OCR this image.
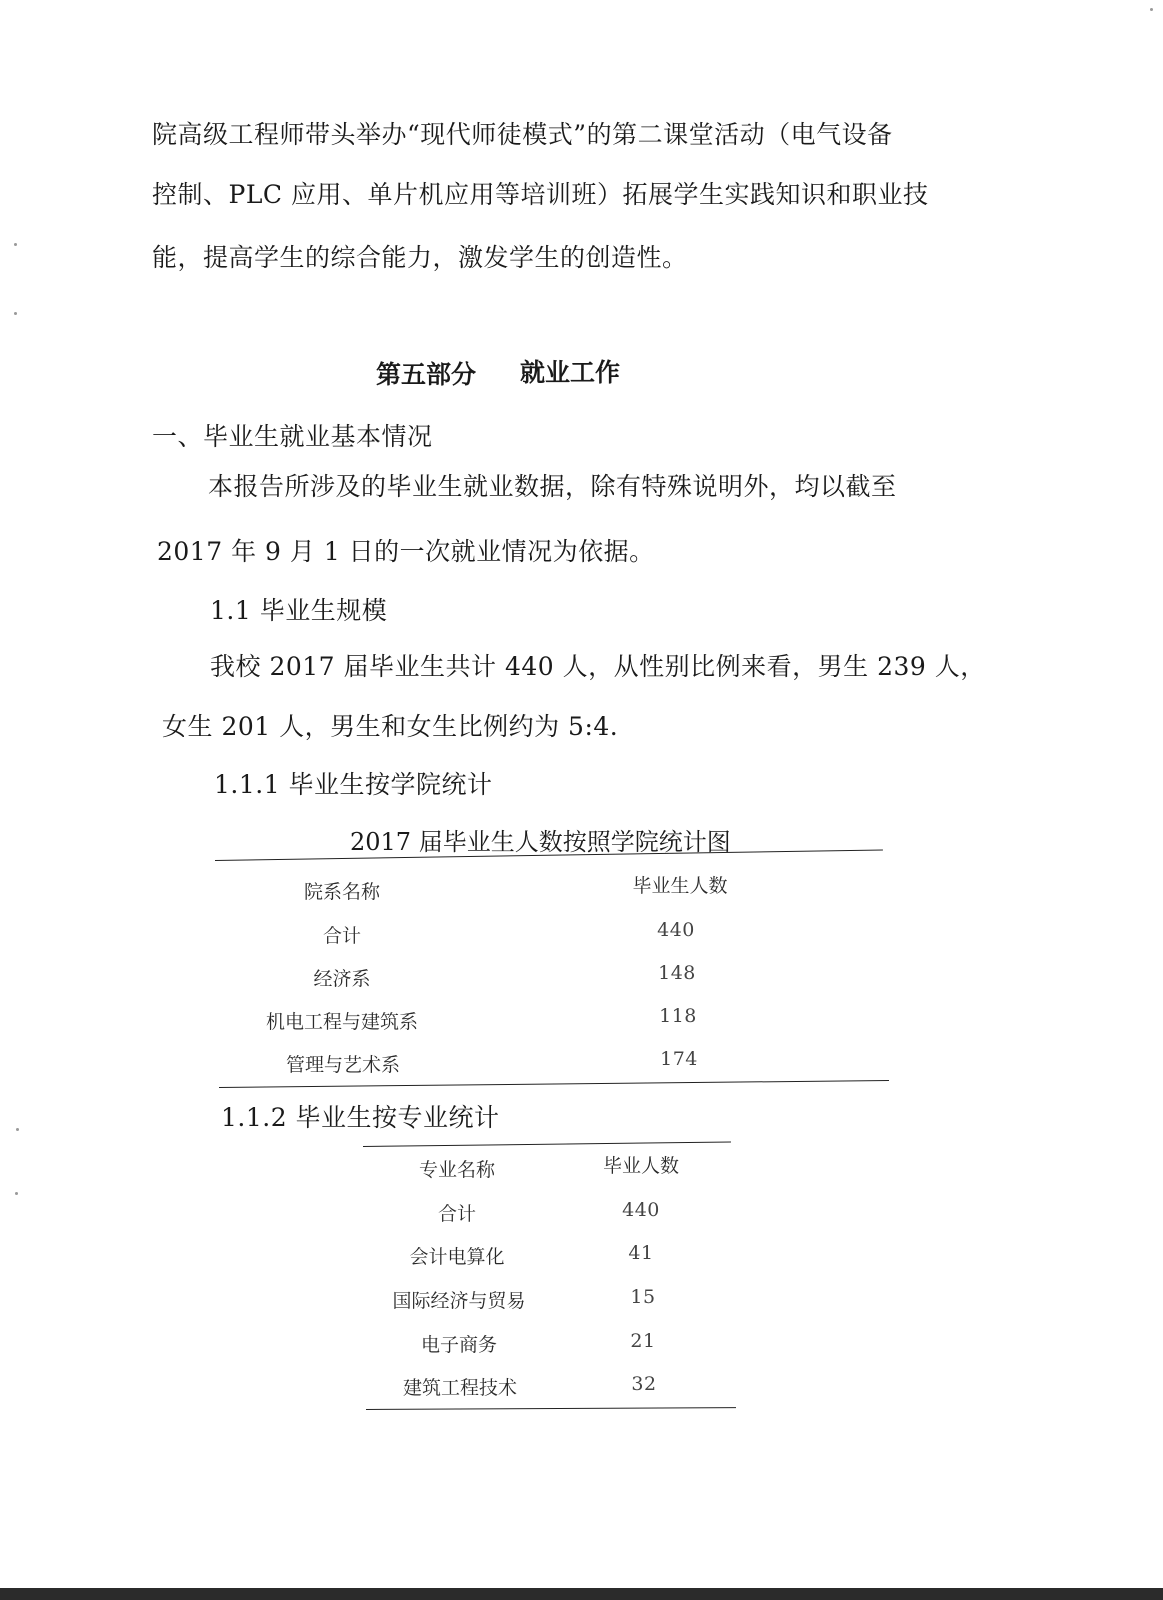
院高级工程师带头举办“现代师徒模式”的第二课堂活动（电气设备
控制、PLC 应用、单片机应用等培训班）拓展学生实践知识和职业技
能，提高学生的综合能力，激发学生的创造性。
第五部分 就业工作
一、毕业生就业基本情况
本报告所涉及的毕业生就业数据，除有特殊说明外，均以截至
2017 年 9 月 1 日的一次就业情况为依据。
1.1 毕业生规模
我校 2017 届毕业生共计 440 人，从性别比例来看，男生 239 人，
女生 201 人，男生和女生比例约为 5:4.
1.1.1 毕业生按学院统计
2017 届毕业生人数按照学院统计图
院系名称	毕业生人数
合计	440
经济系	148
机电工程与建筑系	118
管理与艺术系	174
1.1.2 毕业生按专业统计
专业名称	毕业人数
合计	440
会计电算化	41
国际经济与贸易	15
电子商务	21
建筑工程技术	32
